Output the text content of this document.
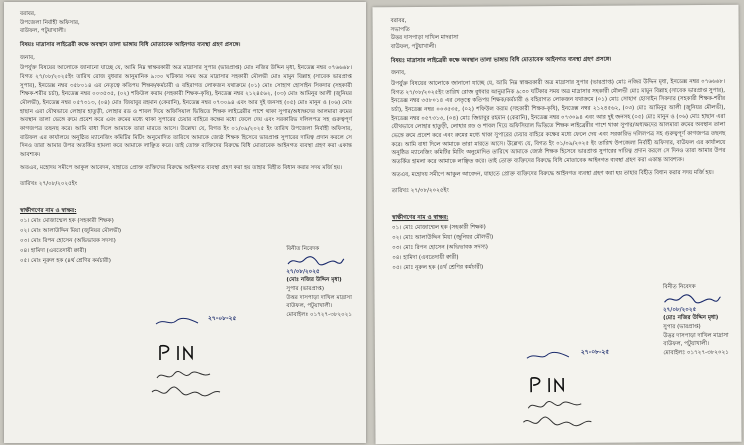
বরাবর,
উপজেলা নির্বাহী অফিসার,
বাউফল, পটুয়াখালী।
বিষয়ঃ মাদ্রাসার লাইব্রেরী কক্ষে অবস্থান তালা ভাঙ্গায় বিধি মোতাবেক আইনগত ব্যবস্থা গ্রহণ প্রসঙ্গে।
জনাব,
উপর্যুক্ত বিষয়ের আলোকে জানানো যাচ্ছে যে, আমি নিম্ন স্বাক্ষরকারী অত্র মাদ্রাসার সুপার (ভারপ্রাপ্ত) মোঃ নজির উদ্দিন মৃধা, ইনডেক্স নম্বর ০৭৬৬৬৮। বিগত ২৭/০৮/২০২৫ইং তারিখ রোজ বুধবার আনুমানিক ৯:৩০ ঘটিকার সময় অত্র মাদ্রাসার সহকারী মৌলভী মোঃ মামুন বিল্লাহ (সাবেক ভারপ্রাপ্ত সুপার), ইনডেক্স নম্বর ৩৫৮০১৪ এর নেতৃত্বে কতিপয় শিক্ষক/কর্মচারী ও বহিরাগত লোকজন যথাক্রমে (০১) মোঃ সোহাগ হোসাইন সিকদার (সহকারী শিক্ষক-শরীর চর্চা), ইনডেক্স নম্বর ০০৩৫৩৫, (০২) শফিউল করাম (সহকারী শিক্ষক-কৃষি), ইনডেক্স নম্বর ২১২৪৫৬২, (০৩) মোঃ আমিনুর আলী (জুনিয়র মৌলভী), ইনডেক্স নম্বর ০৫৭৩১৩, (০৪) মোঃ জিয়াবুর রহমান (কেরানি), ইনডেক্স নম্বর ০৭৩০৯৪ এবং আর দুই জনসহ (০৫) মোঃ মানুন ও (০৬) মোঃ হাছান এরা যৌথভাবে লোহার হাতুড়ী, লোহার রড ও শাবল দিয়ে অফিসিয়াল ভিত্তিতে শিক্ষক লাইব্রেরীর পাশে থাকা সুপার/অধ্যক্ষদের আলমারা রুমের অবস্থান তালা ভেঙ্গে রুমে প্রবেশ করে এবং রুমের মধ্যে থাকা সুপারের চেয়ার বাহিরে কক্ষের মধ্যে ফেলে দেয় এবং সরকারিভ দলিলপত্র সহ গুরুত্বপূর্ণ কাগজপত্র তছনছ করে। আমি বাধা দিলে আমাকে তারা মারতে আসে। উল্লেখ্য যে, বিগত ইং ০১/০৯/২০২৫ ইং তারিখ উপজেলা নির্বাহী অফিসার, বাউফল এর কার্যালয়ে অনুষ্ঠিত ম্যানেজিং কমিটির মিটিং অনুমোদিত তারিখে আমাকে জ্যেষ্ঠ শিক্ষক হিসেবে ভারপ্রাপ্ত সুপারের দায়িত্ব প্রদান করলে সে দিনও তারা আমার উপর অতর্কিত হামলা করে আমাকে লাঞ্ছিত করে। তাই তোক্ত ব্যক্তিদের বিরুদ্ধে বিধি মোতাবেক আইনগত ব্যবস্থা গ্রহণ করা একান্ত আবশ্যক।
অতএব, মহোদয় সমীপে আকুল আবেদন, যাহাতে প্রোক্ত ব্যক্তিদের বিরুদ্ধে আইনগত ব্যবস্থা গ্রহণ করা হয় তাহার বিহীত বিধান করার সদয় মর্জি হয়।
তারিখঃ ২৭/০৮/২০২৫ইং
বিনীত নিবেদক
২৭/০৮/২০২৫
(মোঃ নজির উদ্দিন মৃধা)
সুপার (ভারপ্রাপ্ত)
উত্তর দাসপাড়া দাখিল মাদ্রাসা
বাউফল, পটুয়াখালী।
মোবাইলঃ ০১৭২৭-৩৮২০২১
স্বাক্ষীগণের নাম ও স্বাক্ষর:
০১। মোঃ মোজাম্মেল হক (সহকারী শিক্ষক)
০২। মোঃ আলাউদ্দিন মিয়া (জুনিয়র মৌলভী)
০৩। মোঃ রিপন হোসেন (অভিভাবক সদস্য)
০৪। হামিদা (এবতেদায়ী ক্বারী)
০৫। মোঃ নূরুল হক (৪র্থ শ্রেণির কর্মচারী)
২৭-০৮-২৫
বরাবর,
সভাপতি
উত্তর দাসপাড়া দাখিল মাদরাসা
বাউফল, পটুয়াখালী।
বিষয়ঃ মাদ্রাসার লাইব্রেরী কক্ষে অবস্থান তালা ভাঙ্গায় বিধি মোতাবেক আইনগত ব্যবস্থা গ্রহণ প্রসঙ্গে।
জনাব,
উপর্যুক্ত বিষয়ের আলোকে জানানো যাচ্ছে যে, আমি নিম্ন স্বাক্ষরকারী অত্র মাদ্রাসার সুপার (ভারপ্রাপ্ত) মোঃ নজির উদ্দিন মৃধা, ইনডেক্স নম্বর ০৭৬৬৬৮। বিগত ২৭/০৮/২০২৫ইং তারিখ রোজ বুধবার আনুমানিক ৯:৩০ ঘটিকার সময় অত্র মাদ্রাসার সহকারী মৌলভী মোঃ মামুন বিল্লাহ (সাবেক ভারপ্রাপ্ত সুপার), ইনডেক্স নম্বর ৩৫৮০১৪ এর নেতৃত্বে কতিপয় শিক্ষক/কর্মচারী ও বহিরাগত লোকজন যথাক্রমে (০১) মোঃ সোহাগ হোসাইন সিকদার (সহকারী শিক্ষক-শরীর চর্চা), ইনডেক্স নম্বর ০০৩৫৩৫, (০২) শফিউল করাম (সহকারী শিক্ষক-কৃষি), ইনডেক্স নম্বর ২১২৪৫৬২, (০৩) মোঃ আমিনুর আলী (জুনিয়র মৌলভী), ইনডেক্স নম্বর ০৫৭৩১৩, (০৪) মোঃ জিয়াবুর রহমান (কেরানি), ইনডেক্স নম্বর ০৭৩০৯৪ এবং আর দুই জনসহ (০৫) মোঃ মানুন ও (০৬) মোঃ হাছান এরা যৌথভাবে লোহার হাতুড়ী, লোহার রড ও শাবল দিয়ে অফিসিয়াল ভিত্তিতে শিক্ষক লাইব্রেরীর পাশে থাকা সুপার/অধ্যক্ষদের আলমারা রুমের অবস্থান তালা ভেঙ্গে রুমে প্রবেশ করে এবং রুমের মধ্যে থাকা সুপারের চেয়ার বাহিরে কক্ষের মধ্যে ফেলে দেয় এবং সরকারিভ দলিলপত্র সহ গুরুত্বপূর্ণ কাগজপত্র তছনছ করে। আমি বাধা দিলে আমাকে তারা মারতে আসে। উল্লেখ্য যে, বিগত ইং ০১/০৯/২০২৫ ইং তারিখ উপজেলা নির্বাহী অফিসার, বাউফল এর কার্যালয়ে অনুষ্ঠিত ম্যানেজিং কমিটির মিটিং অনুমোদিত তারিখে আমাকে জ্যেষ্ঠ শিক্ষক হিসেবে ভারপ্রাপ্ত সুপারের দায়িত্ব প্রদান করলে সে দিনও তারা আমার উপর অতর্কিত হামলা করে আমাকে লাঞ্ছিত করে। তাই তোক্ত ব্যক্তিদের বিরুদ্ধে বিধি মোতাবেক আইনগত ব্যবস্থা গ্রহণ করা একান্ত আবশ্যক।
অতএব, মহোদয় সমীপে আকুল আবেদন, যাহাতে প্রোক্ত ব্যক্তিদের বিরুদ্ধে আইনগত ব্যবস্থা গ্রহণ করা হয় তাহার বিহীত বিধান করার সদয় মর্জি হয়।
তারিখঃ ২৭/০৮/২০২৫ইং
বিনীত নিবেদক
২৭/০৮/২০২৫
(মোঃ নজির উদ্দিন মৃধা)
সুপার (ভারপ্রাপ্ত)
উত্তর দাসপাড়া দাখিল মাদ্রাসা
বাউফল, পটুয়াখালী।
মোবাইলঃ ০১৭২৭-৩৮২০২১
স্বাক্ষীগণের নাম ও স্বাক্ষর:
০১। মোঃ মোজাম্মেল হক (সহকারী শিক্ষক)
০২। মোঃ আলাউদ্দিন মিয়া (জুনিয়র মৌলভী)
০৩। মোঃ রিপন হোসেন (অভিভাবক সদস্য)
০৪। হামিদা (এবতেদায়ী ক্বারী)
০৫। মোঃ নূরুল হক (৪র্থ শ্রেণির কর্মচারী)
২৭-০৮-২৫
